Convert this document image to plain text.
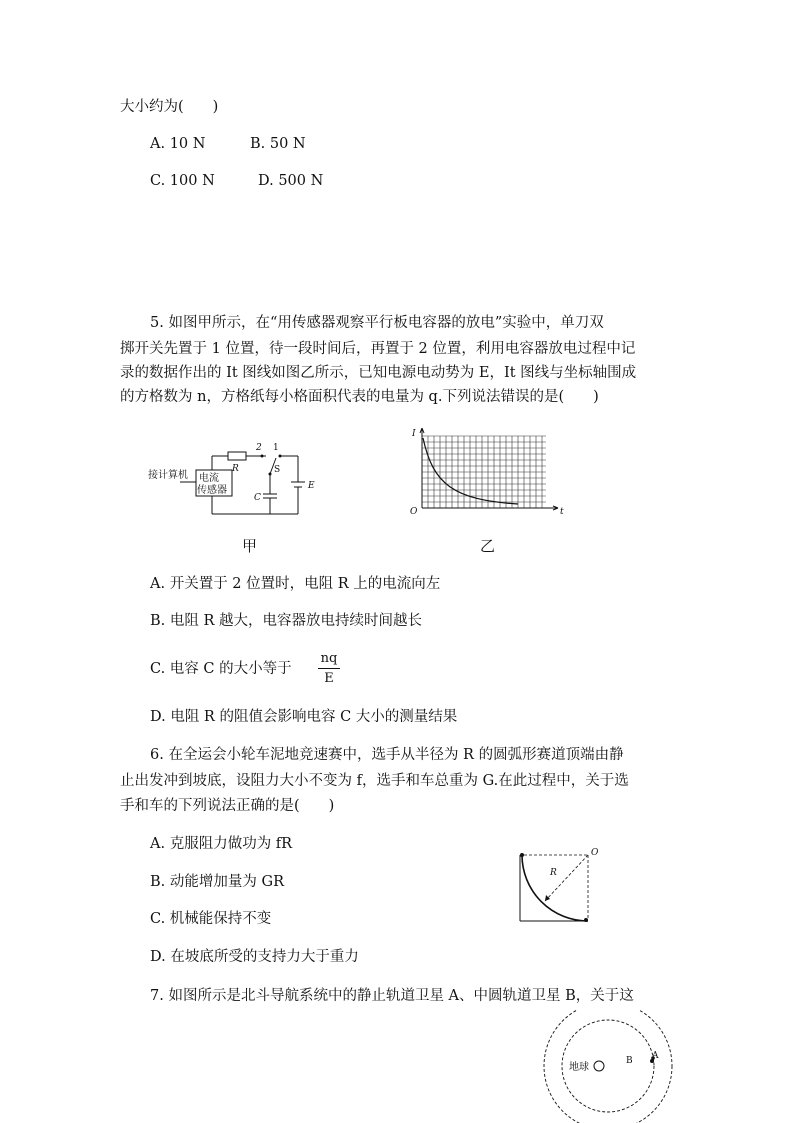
大小约为(　　)
A. 10 N	B. 50 N
C. 100 N	D. 500 N
5. 如图甲所示，在“用传感器观察平行板电容器的放电”实验中，单刀双
掷开关先置于 1 位置，待一段时间后，再置于 2 位置，利用电容器放电过程中记
录的数据作出的 It 图线如图乙所示，已知电源电动势为 E，It 图线与坐标轴围成
的方格数为 n，方格纸每小格面积代表的电量为 q.下列说法错误的是(　　)
接计算机 电流
传感器
R
2 1
S
C
E
甲
I
O	t
乙
A. 开关置于 2 位置时，电阻 R 上的电流向左
B. 电阻 R 越大，电容器放电持续时间越长
C. 电容 C 的大小等于
nq
E
D. 电阻 R 的阻值会影响电容 C 大小的测量结果
6. 在全运会小轮车泥地竞速赛中，选手从半径为 R 的圆弧形赛道顶端由静
止出发冲到坡底，设阻力大小不变为 f，选手和车总重为 G.在此过程中，关于选
手和车的下列说法正确的是(　　)
A. 克服阻力做功为 fR
B. 动能增加量为 GR
C. 机械能保持不变
D. 在坡底所受的支持力大于重力
O
R
7. 如图所示是北斗导航系统中的静止轨道卫星 A、中圆轨道卫星 B，关于这
地球
B A
